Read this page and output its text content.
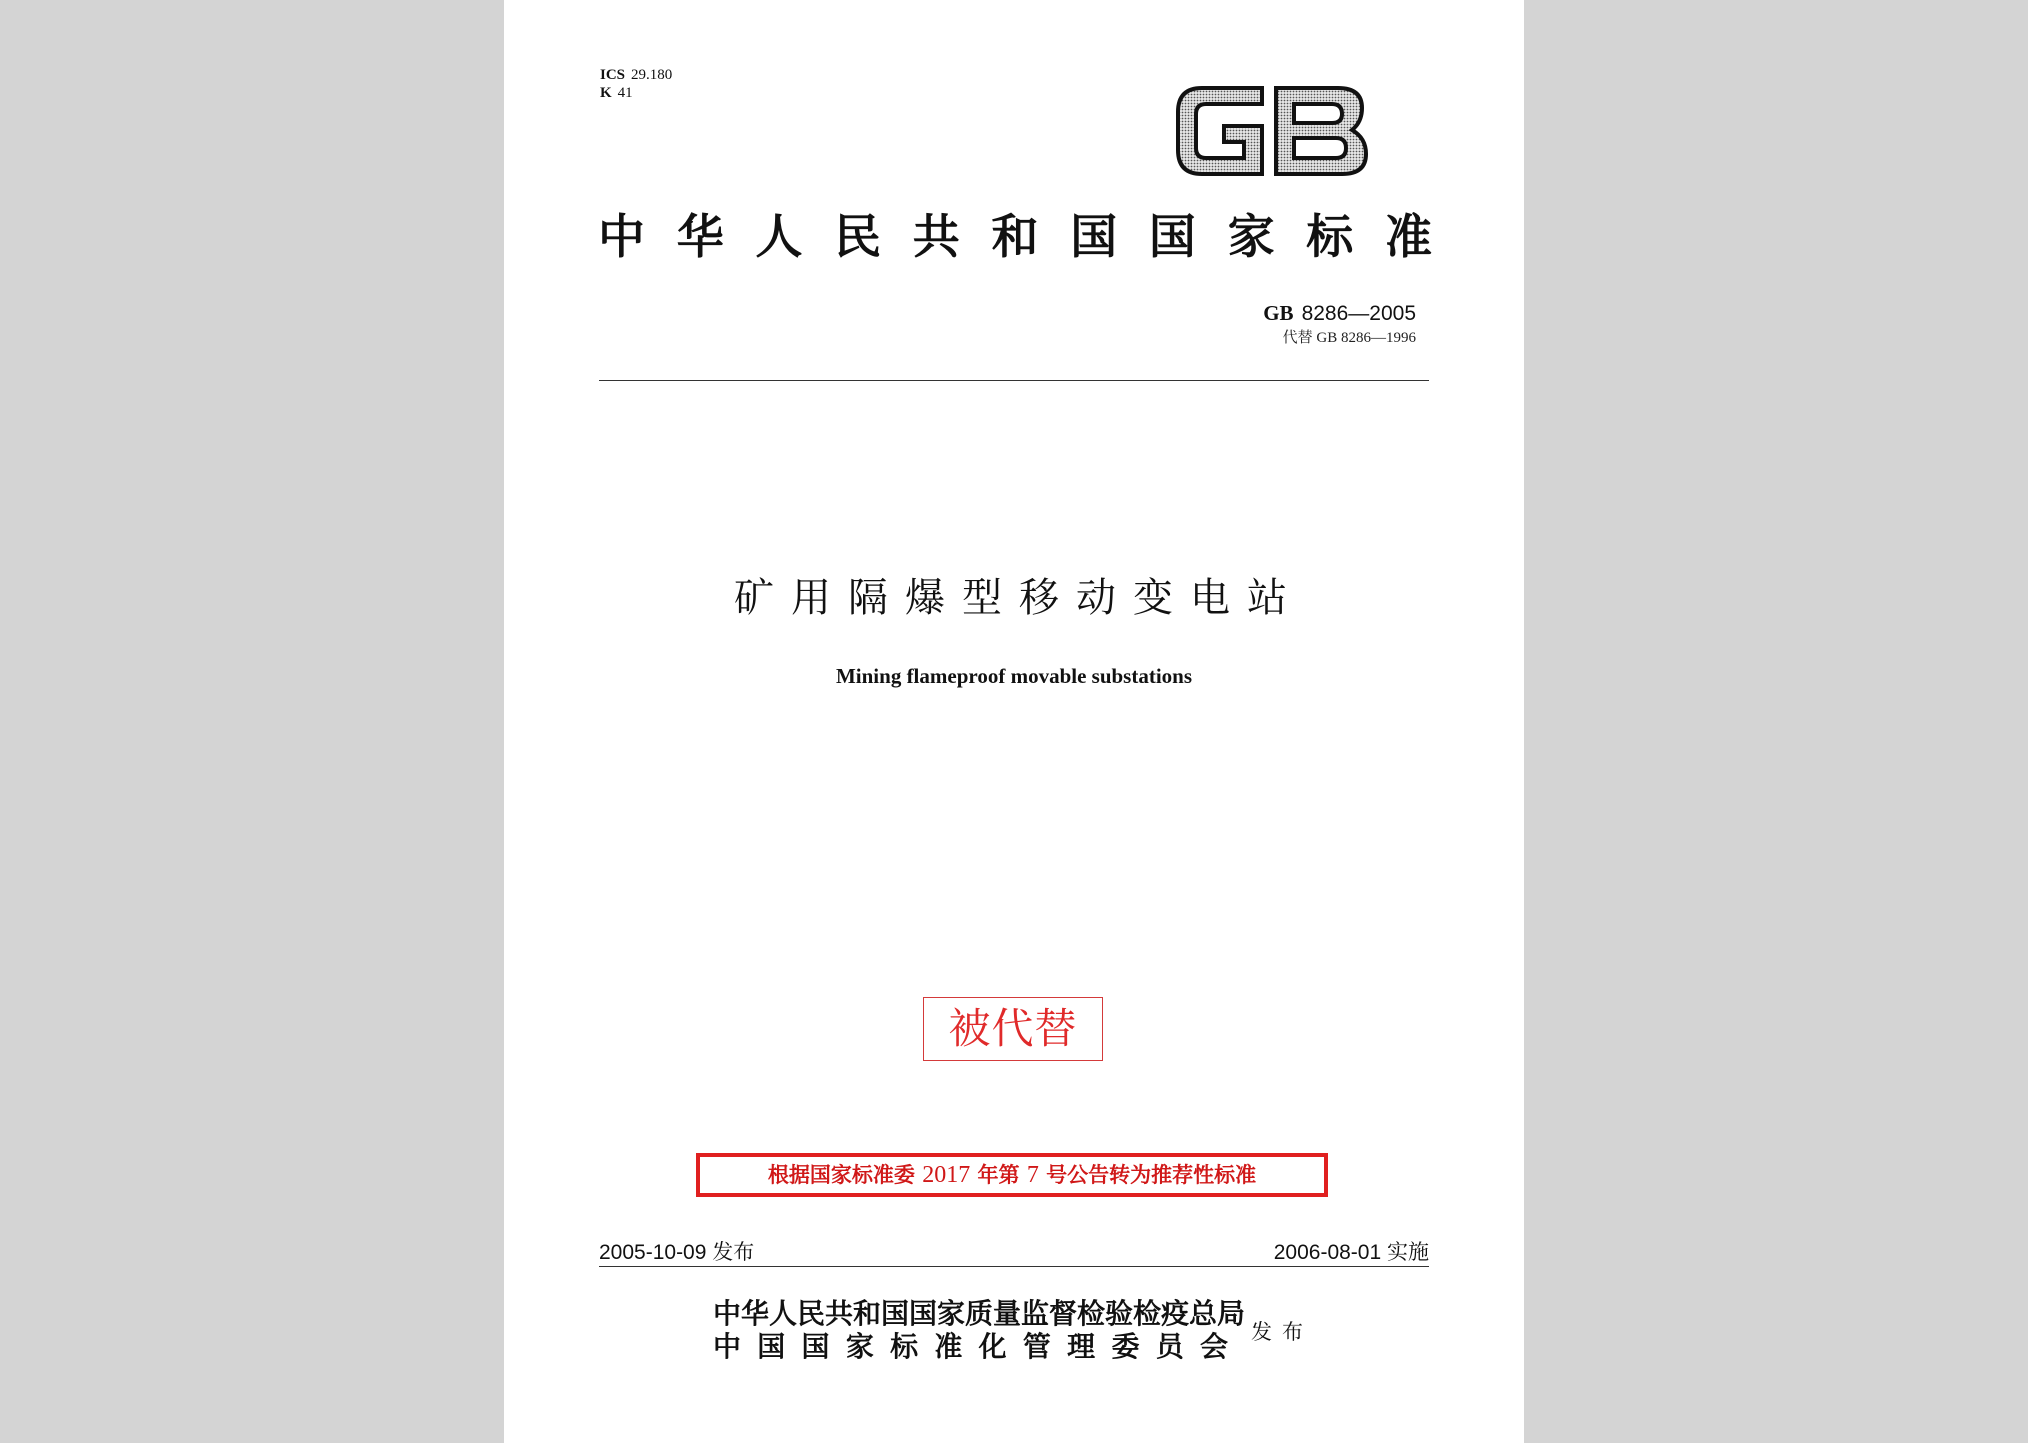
ICS 29.180
K 41
中华人民共和国国家标准
GB 8286—2005
代替 GB 8286—1996
矿用隔爆型移动变电站
Mining flameproof movable substations
被代替
根据国家标准委 2017 年第 7 号公告转为推荐性标准
2005-10-09 发布	2006-08-01 实施
中华人民共和国国家质量监督检验检疫总局
中国国家标准化管理委员会 发布
